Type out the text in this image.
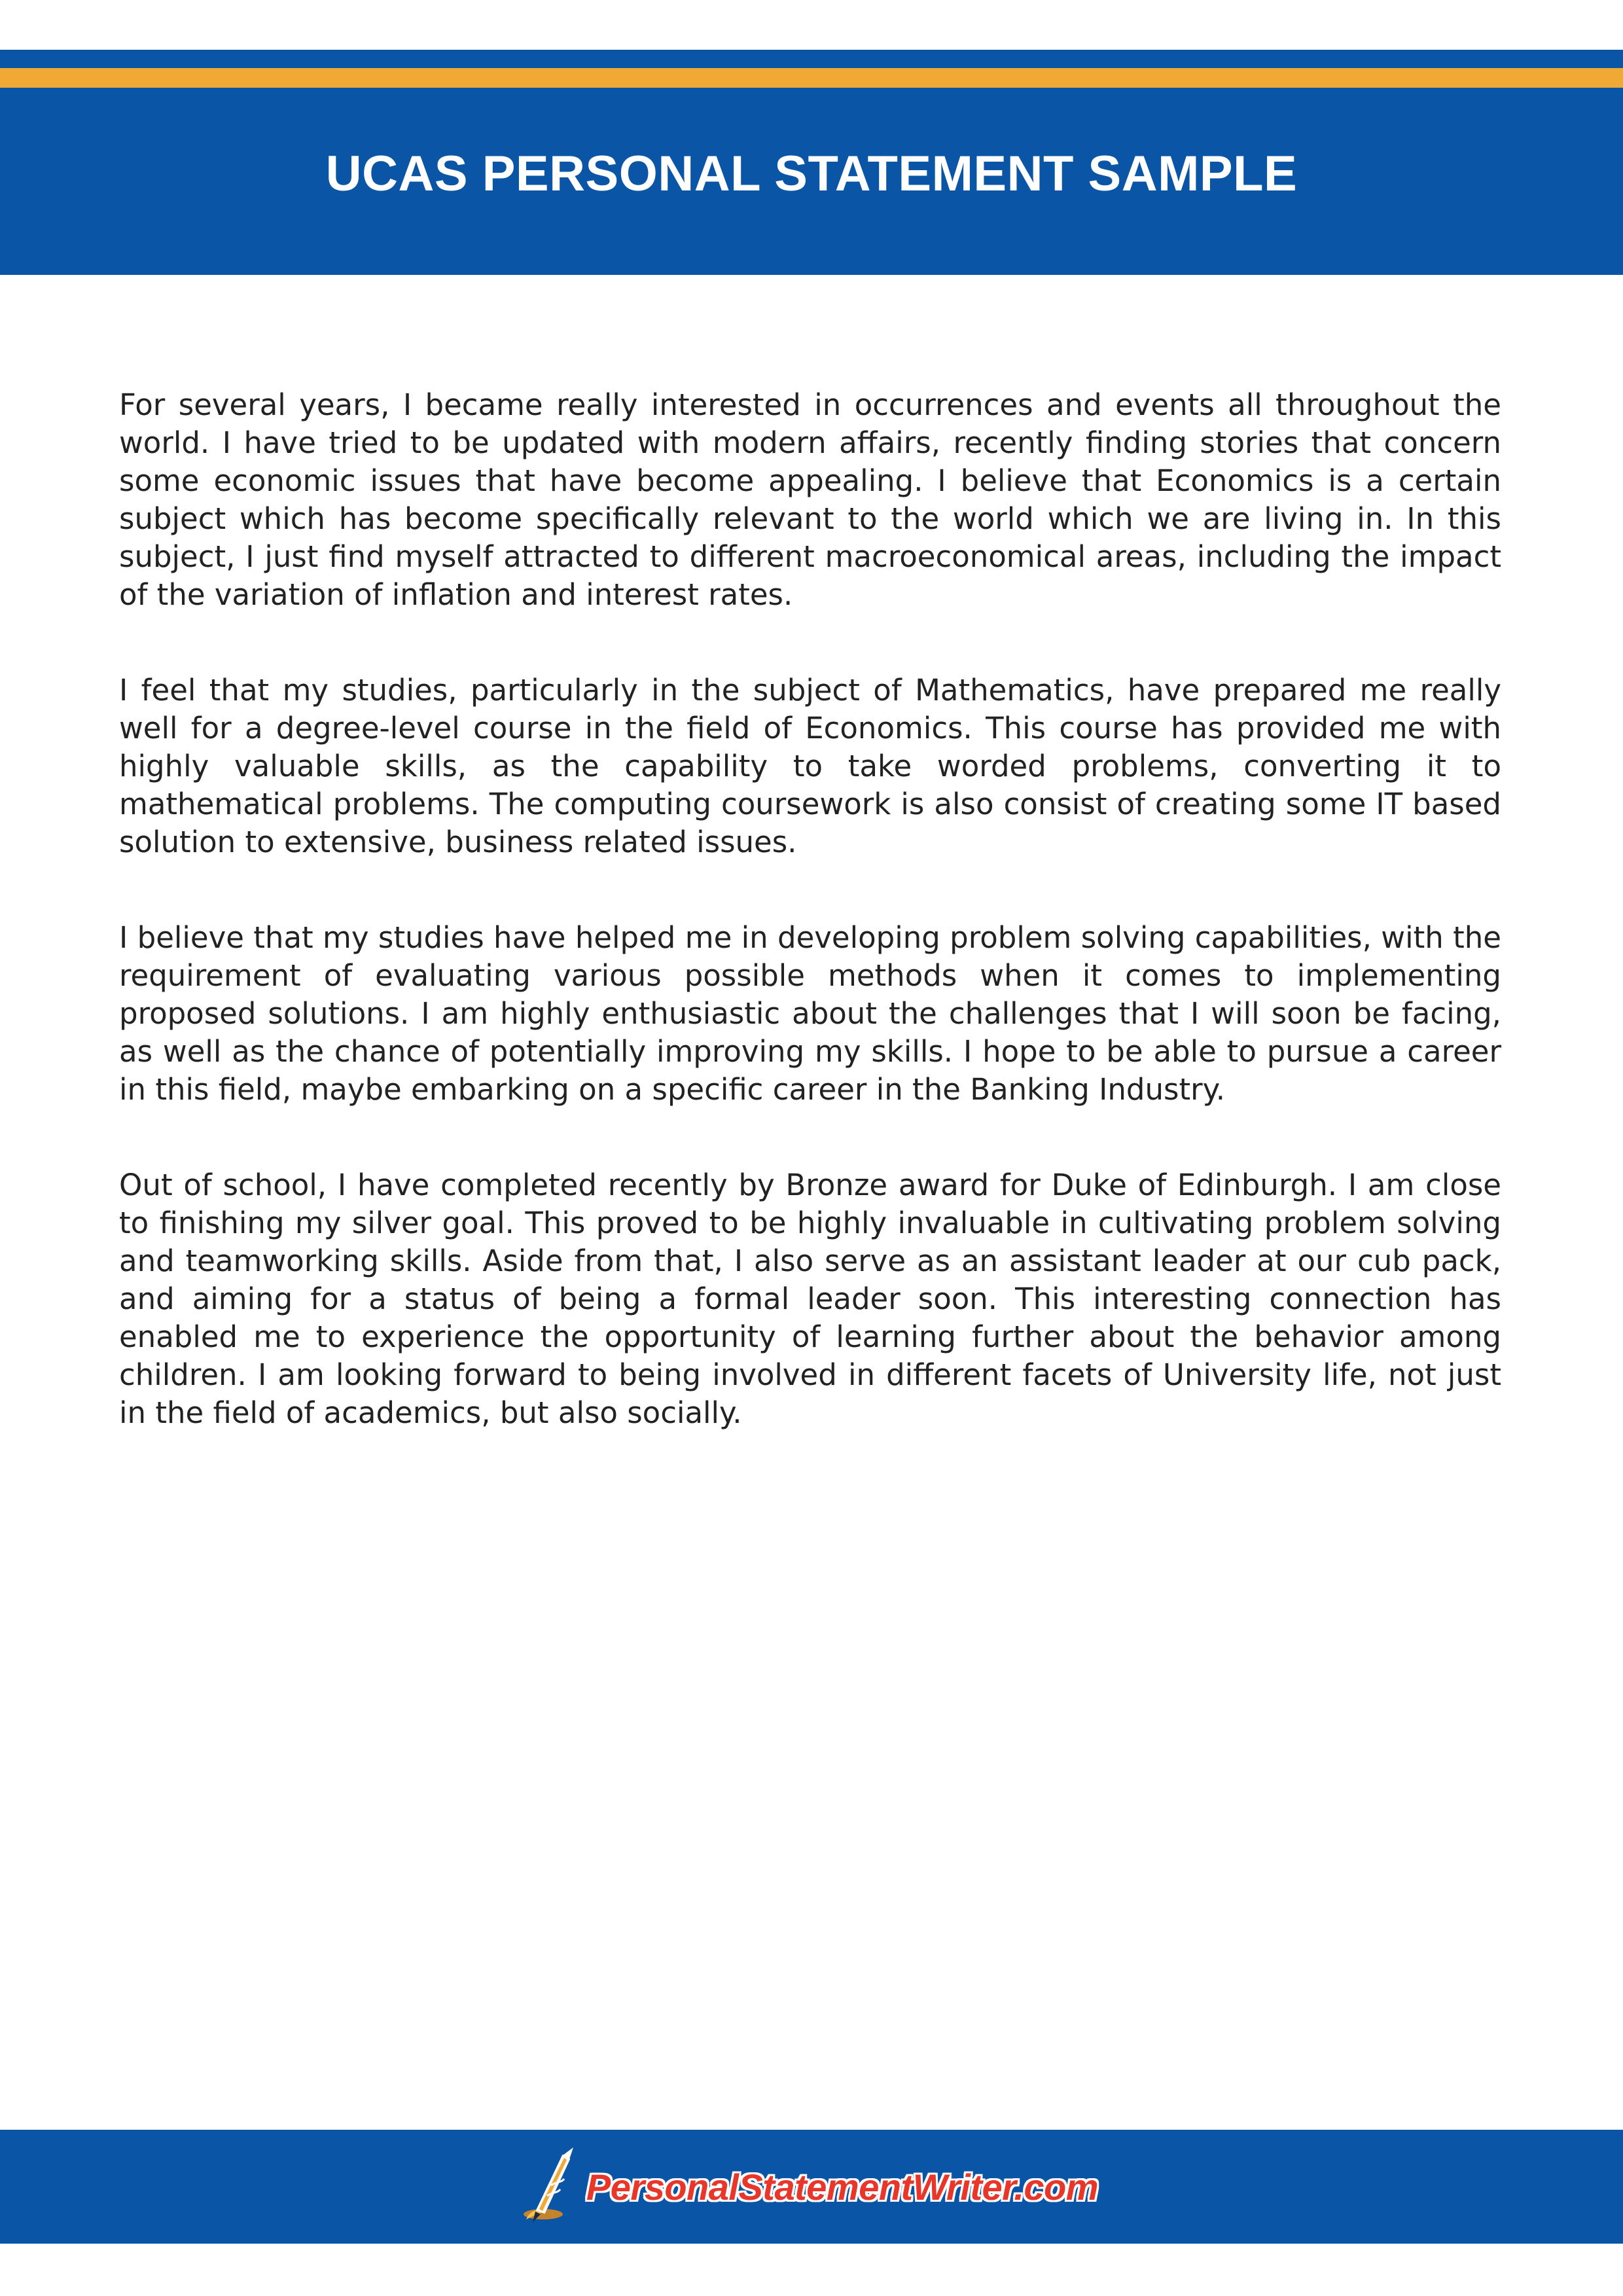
UCAS PERSONAL STATEMENT SAMPLE

For several years, I became really interested in occurrences and events all throughout the world. I have tried to be updated with modern affairs, recently finding stories that concern some economic issues that have become appealing. I believe that Economics is a certain subject which has become specifically relevant to the world which we are living in. In this subject, I just find myself attracted to different macroeconomical areas, including the impact of the variation of inflation and interest rates.

I feel that my studies, particularly in the subject of Mathematics, have prepared me really well for a degree-level course in the field of Economics. This course has provided me with highly valuable skills, as the capability to take worded problems, converting it to mathematical problems. The computing coursework is also consist of creating some IT based solution to extensive, business related issues.

I believe that my studies have helped me in developing problem solving capabilities, with the requirement of evaluating various possible methods when it comes to implementing proposed solutions. I am highly enthusiastic about the challenges that I will soon be facing, as well as the chance of potentially improving my skills. I hope to be able to pursue a career in this field, maybe embarking on a specific career in the Banking Industry.

Out of school, I have completed recently by Bronze award for Duke of Edinburgh. I am close to finishing my silver goal. This proved to be highly invaluable in cultivating problem solving and teamworking skills. Aside from that, I also serve as an assistant leader at our cub pack, and aiming for a status of being a formal leader soon. This interesting connection has enabled me to experience the opportunity of learning further about the behavior among children. I am looking forward to being involved in different facets of University life, not just in the field of academics, but also socially.

PersonalStatementWriter.com
